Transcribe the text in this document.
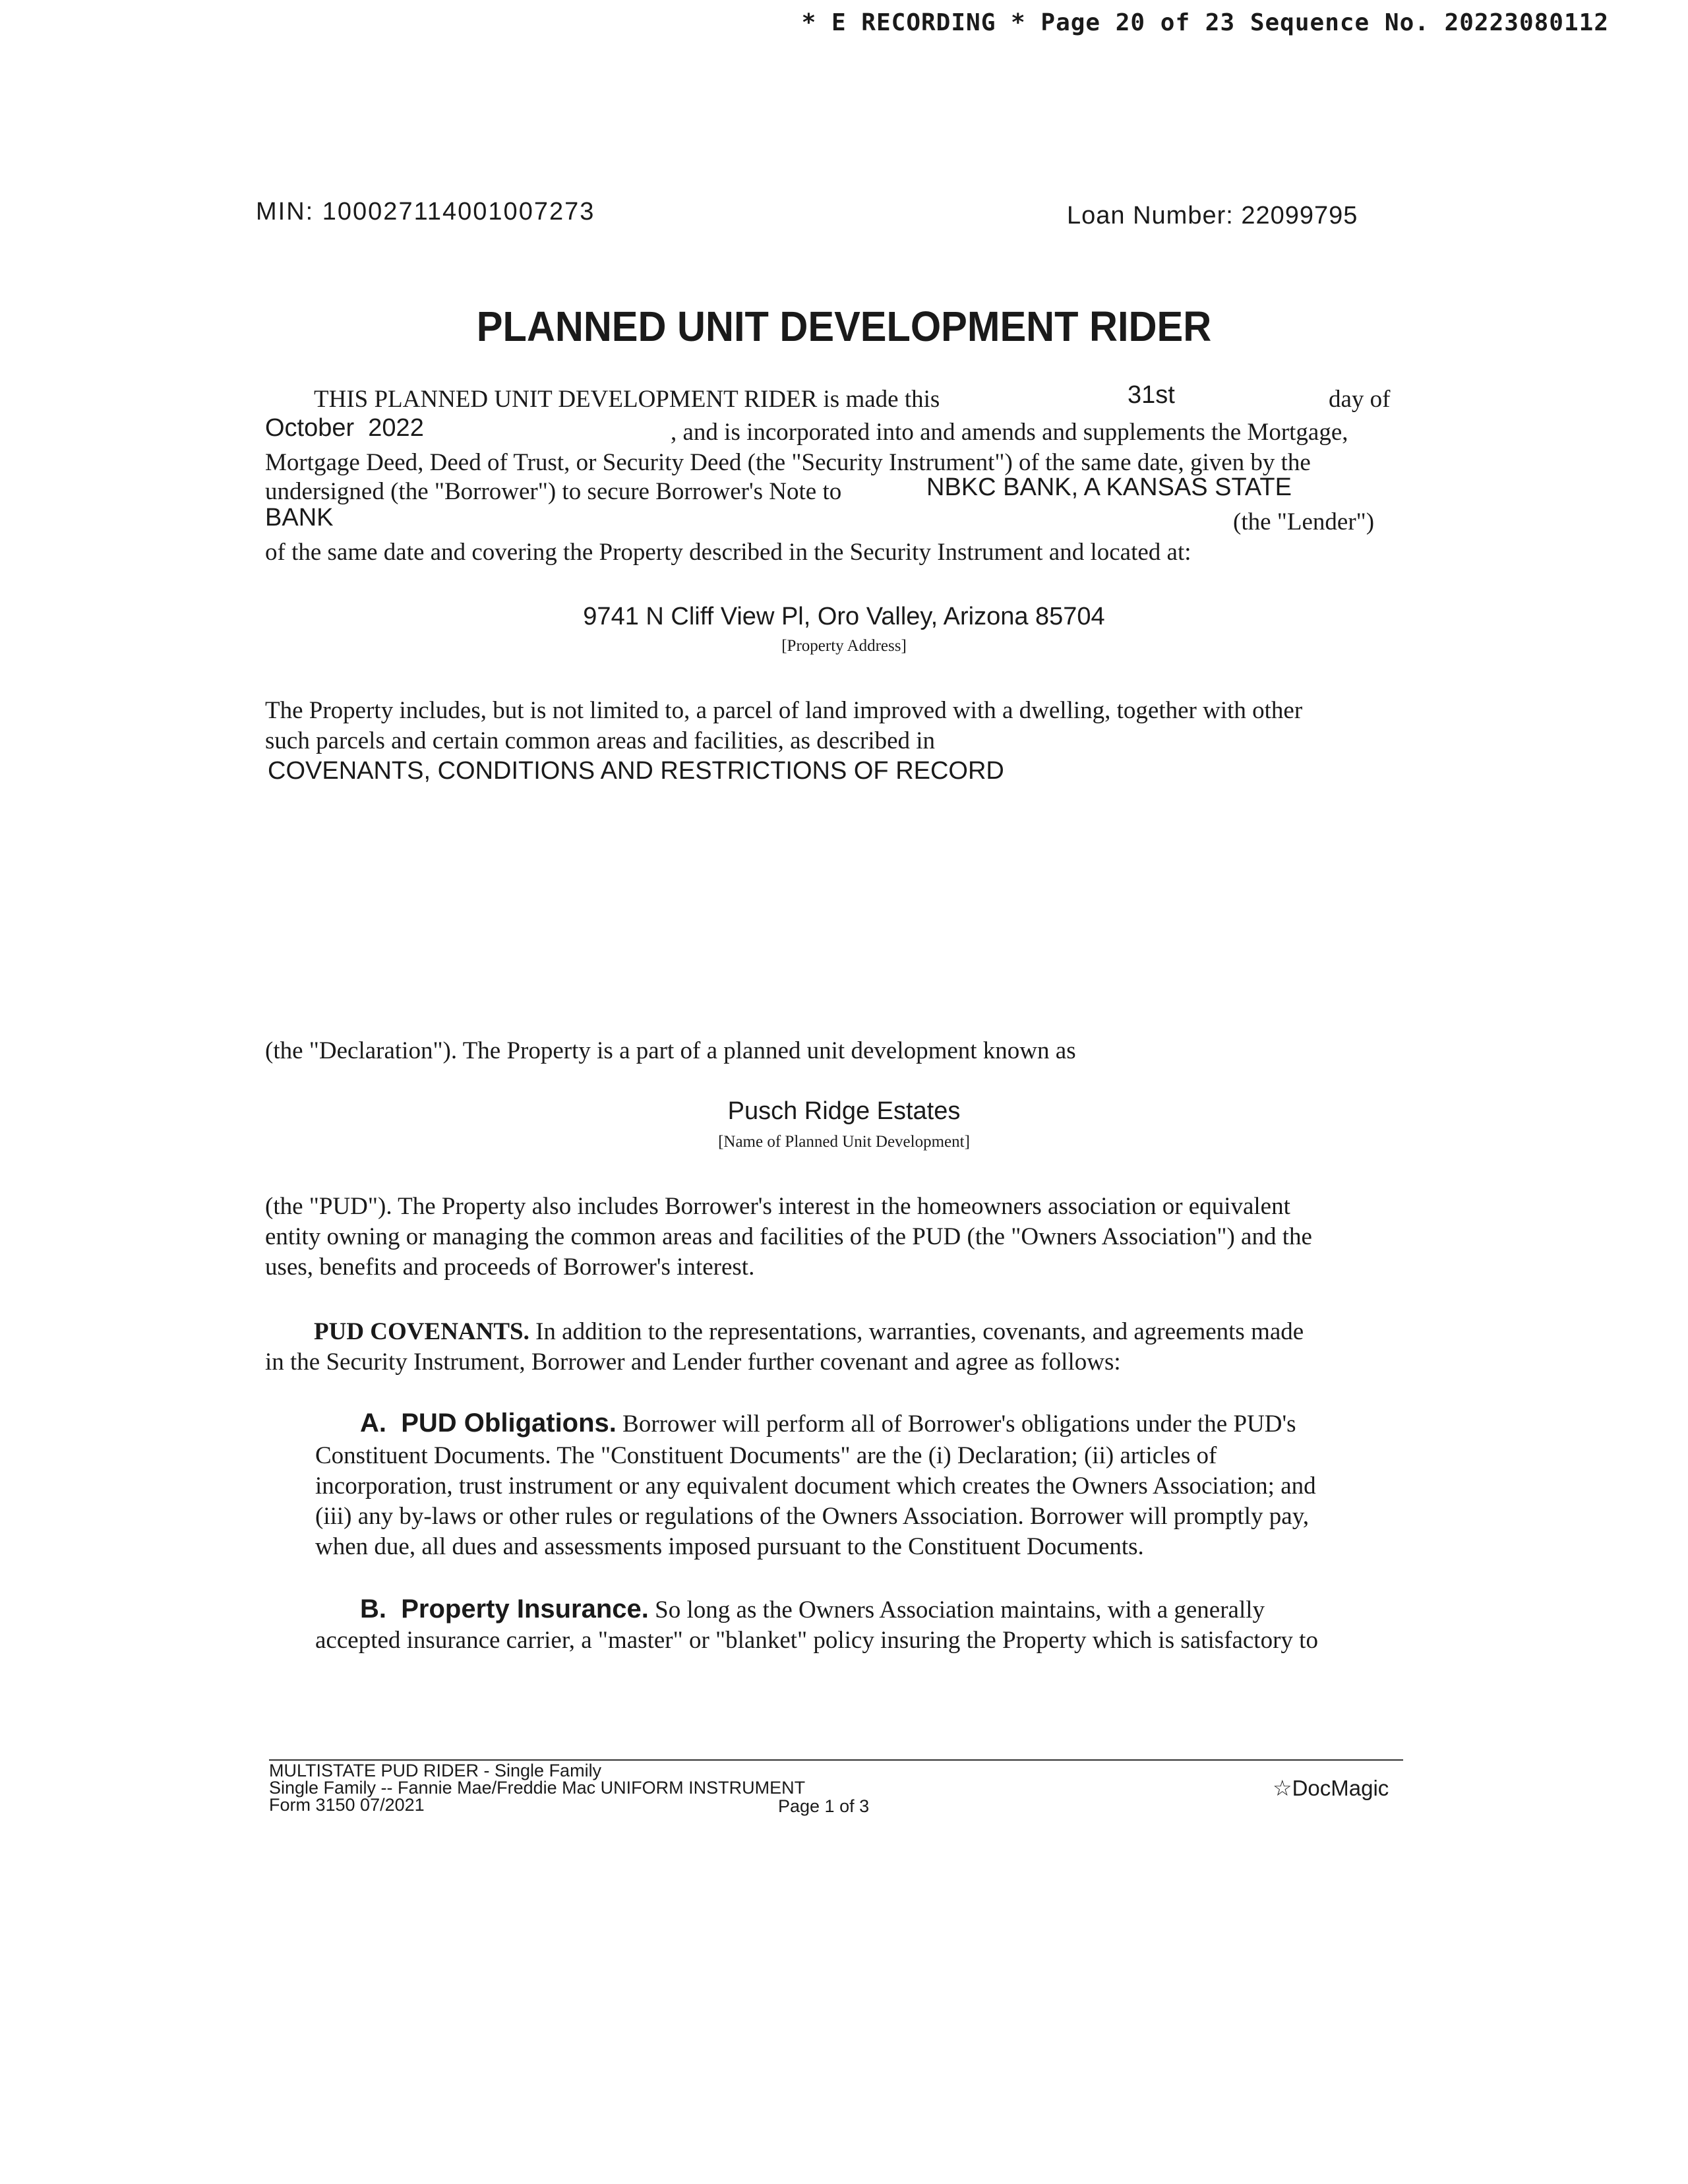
* E RECORDING * Page 20 of 23 Sequence No. 20223080112
MIN: 100027114001007273	Loan Number: 22099795
PLANNED UNIT DEVELOPMENT RIDER
THIS PLANNED UNIT DEVELOPMENT RIDER is made this	31st	day of
October  2022	, and is incorporated into and amends and supplements the Mortgage,
Mortgage Deed, Deed of Trust, or Security Deed (the "Security Instrument") of the same date, given by the
undersigned (the "Borrower") to secure Borrower's Note to	NBKC BANK, A KANSAS STATE
BANK	(the "Lender")
of the same date and covering the Property described in the Security Instrument and located at:
9741 N Cliff View Pl, Oro Valley, Arizona 85704
[Property Address]
The Property includes, but is not limited to, a parcel of land improved with a dwelling, together with other
such parcels and certain common areas and facilities, as described in
COVENANTS, CONDITIONS AND RESTRICTIONS OF RECORD
(the "Declaration"). The Property is a part of a planned unit development known as
Pusch Ridge Estates
[Name of Planned Unit Development]
(the "PUD"). The Property also includes Borrower's interest in the homeowners association or equivalent
entity owning or managing the common areas and facilities of the PUD (the "Owners Association") and the
uses, benefits and proceeds of Borrower's interest.
PUD COVENANTS. In addition to the representations, warranties, covenants, and agreements made
in the Security Instrument, Borrower and Lender further covenant and agree as follows:
A.  PUD Obligations. Borrower will perform all of Borrower's obligations under the PUD's
Constituent Documents. The "Constituent Documents" are the (i) Declaration; (ii) articles of
incorporation, trust instrument or any equivalent document which creates the Owners Association; and
(iii) any by-laws or other rules or regulations of the Owners Association. Borrower will promptly pay,
when due, all dues and assessments imposed pursuant to the Constituent Documents.
B.  Property Insurance. So long as the Owners Association maintains, with a generally
accepted insurance carrier, a "master" or "blanket" policy insuring the Property which is satisfactory to
MULTISTATE PUD RIDER - Single Family
Single Family -- Fannie Mae/Freddie Mac UNIFORM INSTRUMENT
Form 3150 07/2021	Page 1 of 3
☆DocMagic
